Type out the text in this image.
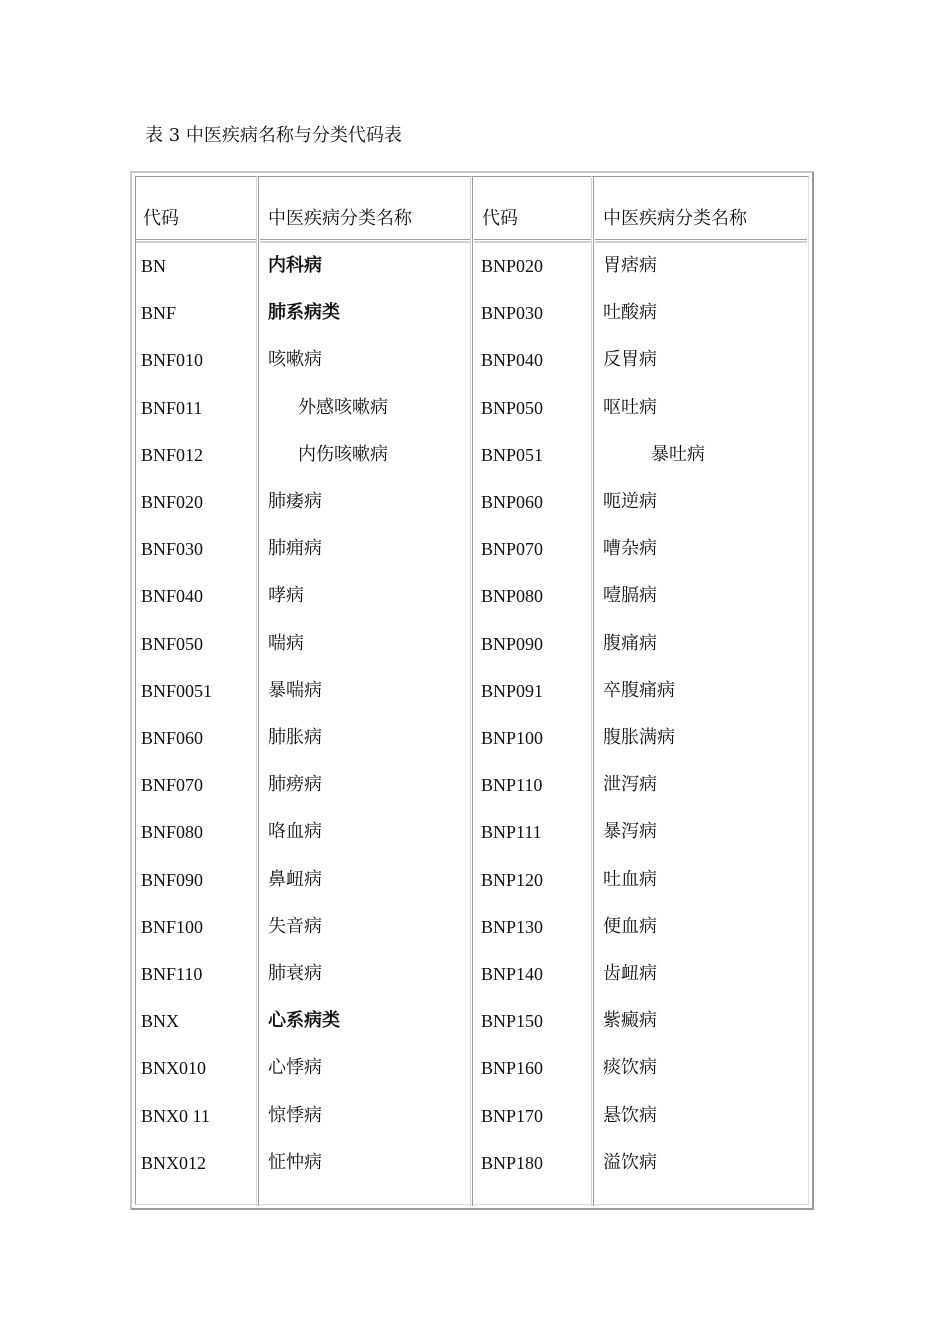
表 3 中医疾病名称与分类代码表
代码	中医疾病分类名称	代码	中医疾病分类名称
BN	内科病	BNP020	胃痞病
BNF	肺系病类	BNP030	吐酸病
BNF010	咳嗽病	BNP040	反胃病
BNF011	外感咳嗽病	BNP050	呕吐病
BNF012	内伤咳嗽病	BNP051	暴吐病
BNF020	肺痿病	BNP060	呃逆病
BNF030	肺痈病	BNP070	嘈杂病
BNF040	哮病	BNP080	噎膈病
BNF050	喘病	BNP090	腹痛病
BNF0051	暴喘病	BNP091	卒腹痛病
BNF060	肺胀病	BNP100	腹胀满病
BNF070	肺痨病	BNP110	泄泻病
BNF080	咯血病	BNP111	暴泻病
BNF090	鼻衄病	BNP120	吐血病
BNF100	失音病	BNP130	便血病
BNF110	肺衰病	BNP140	齿衄病
BNX	心系病类	BNP150	紫癜病
BNX010	心悸病	BNP160	痰饮病
BNX0 11	惊悸病	BNP170	悬饮病
BNX012	怔忡病	BNP180	溢饮病
